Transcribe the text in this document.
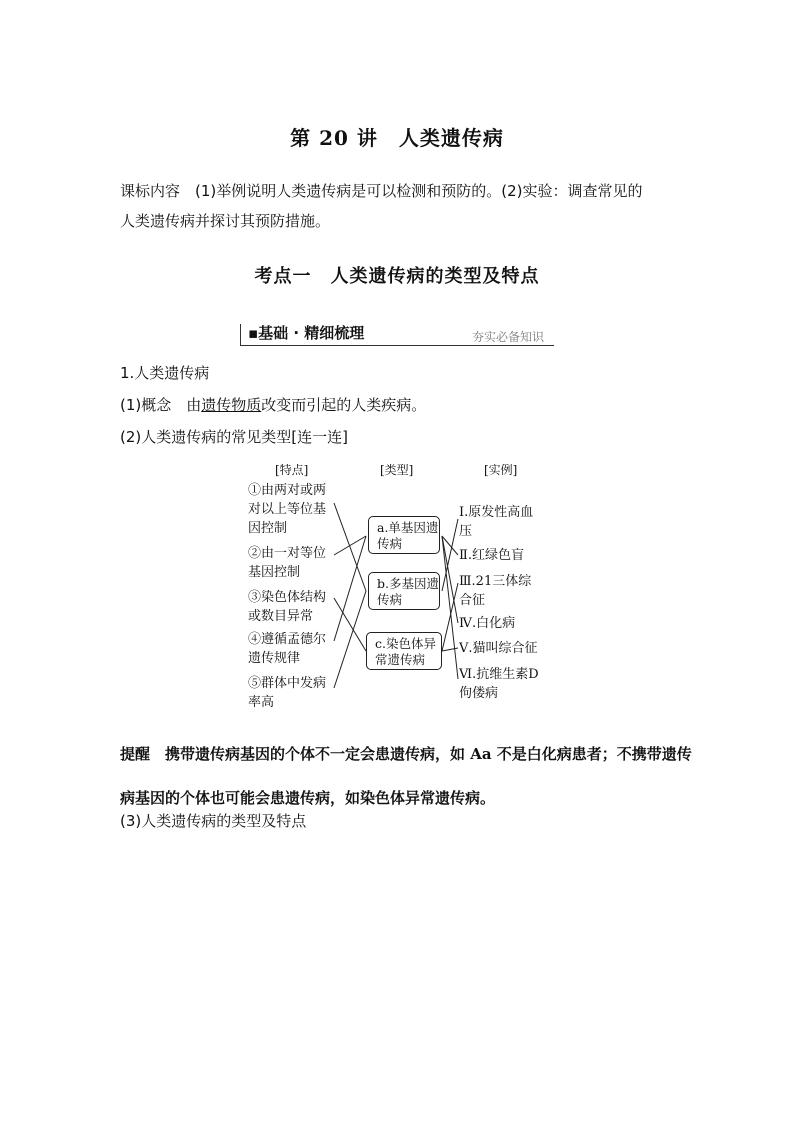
第 20 讲　人类遗传病
课标内容　(1)举例说明人类遗传病是可以检测和预防的。(2)实验：调查常见的
人类遗传病并探讨其预防措施。
考点一　人类遗传病的类型及特点
▪基础 · 精细梳理	夯实必备知识
1.人类遗传病
(1)概念　由遗传物质改变而引起的人类疾病。
(2)人类遗传病的常见类型[连一连]
[特点]	[类型]	[实例]
①由两对或两对以上等位基因控制
②由一对等位基因控制
③染色体结构或数目异常
④遵循孟德尔遗传规律
⑤群体中发病率高
a.单基因遗传病
b.多基因遗传病
c.染色体异常遗传病
Ⅰ.原发性高血压
Ⅱ.红绿色盲
Ⅲ.21三体综合征
Ⅳ.白化病
Ⅴ.猫叫综合征
Ⅵ.抗维生素D佝偻病
提醒　携带遗传病基因的个体不一定会患遗传病，如 Aa 不是白化病患者；不携带遗传病基因的个体也可能会患遗传病，如染色体异常遗传病。
(3)人类遗传病的类型及特点
